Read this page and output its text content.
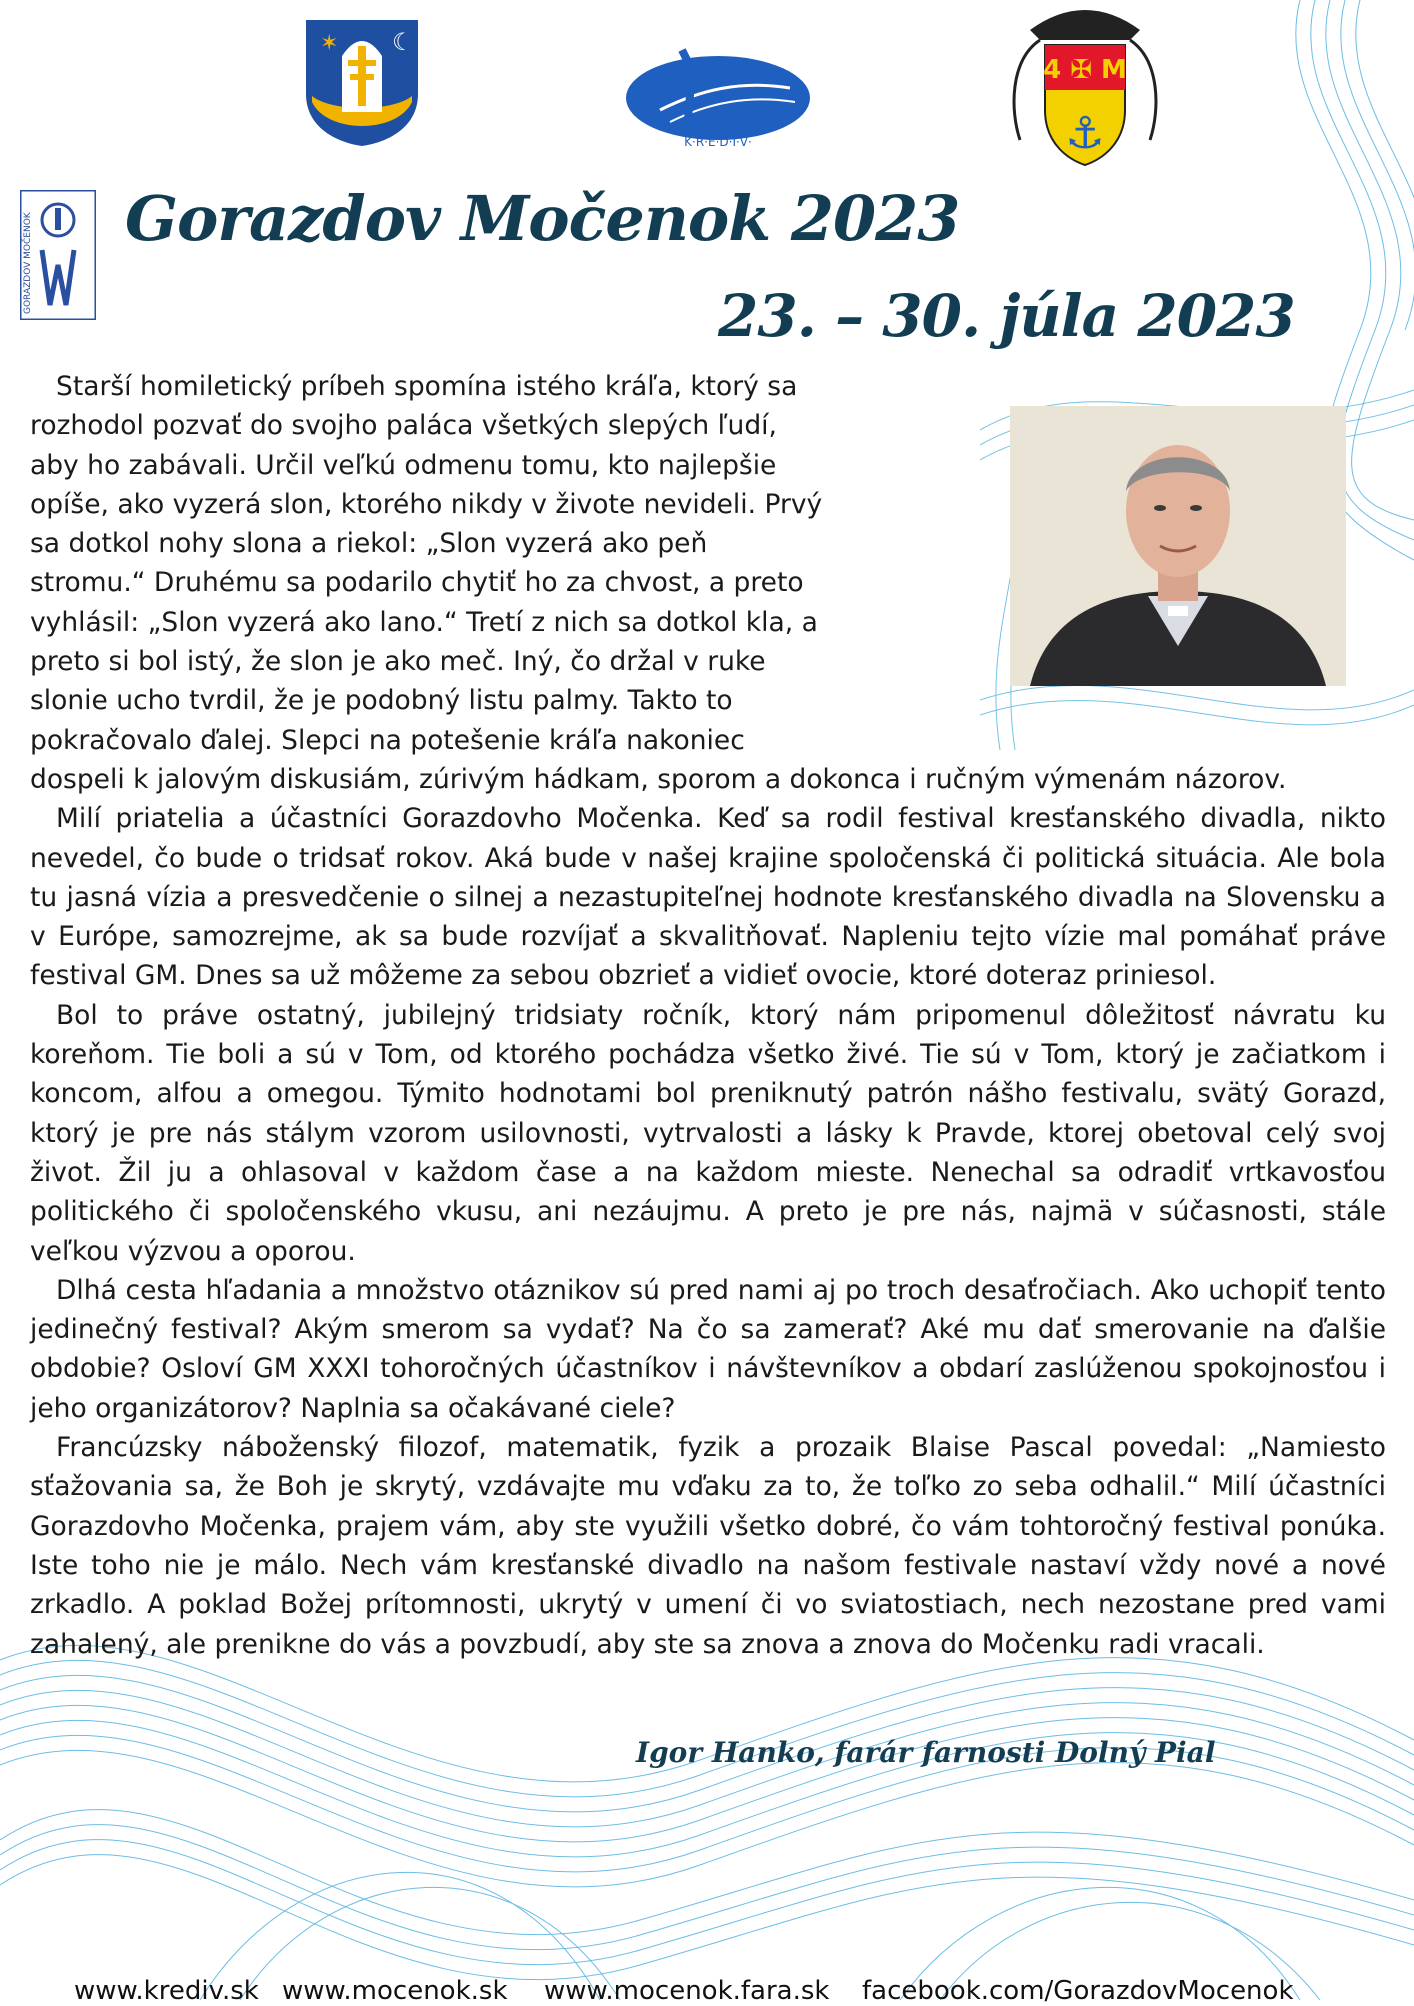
✶ ☾
K·R·E·D·I·V·
4 ✠ M
⚓
GORAZDOV MOČENOK Gorazdov Močenok 2023
23. – 30. júla 2023

Starší homiletický príbeh spomína istého kráľa, ktorý sa rozhodol pozvať do svojho paláca všetkých slepých ľudí, aby ho zabávali. Určil veľkú odmenu tomu, kto najlepšie opíše, ako vyzerá slon, ktorého nikdy v živote nevideli. Prvý sa dotkol nohy slona a riekol: „Slon vyzerá ako peň stromu.“ Druhému sa podarilo chytiť ho za chvost, a preto vyhlásil: „Slon vyzerá ako lano.“ Tretí z nich sa dotkol kla, a preto si bol istý, že slon je ako meč. Iný, čo držal v ruke slonie ucho tvrdil, že je podobný listu palmy. Takto to pokračovalo ďalej. Slepci na potešenie kráľa nakoniec dospeli k jalovým diskusiám, zúrivým hádkam, sporom a dokonca i ručným výmenám názorov.

Milí priatelia a účastníci Gorazdovho Močenka. Keď sa rodil festival kresťanského divadla, nikto nevedel, čo bude o tridsať rokov. Aká bude v našej krajine spoločenská či politická situácia. Ale bola tu jasná vízia a presvedčenie o silnej a nezastupiteľnej hodnote kresťanského divadla na Slovensku a v Európe, samozrejme, ak sa bude rozvíjať a skvalitňovať. Napleniu tejto vízie mal pomáhať práve festival GM. Dnes sa už môžeme za sebou obzrieť a vidieť ovocie, ktoré doteraz priniesol.

Bol to práve ostatný, jubilejný tridsiaty ročník, ktorý nám pripomenul dôležitosť návratu ku koreňom. Tie boli a sú v Tom, od ktorého pochádza všetko živé. Tie sú v Tom, ktorý je začiatkom i koncom, alfou a omegou. Týmito hodnotami bol preniknutý patrón nášho festivalu, svätý Gorazd, ktorý je pre nás stálym vzorom usilovnosti, vytrvalosti a lásky k Pravde, ktorej obetoval celý svoj život. Žil ju a ohlasoval v každom čase a na každom mieste. Nenechal sa odradiť vrtkavosťou politického či spoločenského vkusu, ani nezáujmu. A preto je pre nás, najmä v súčasnosti, stále veľkou výzvou a oporou.

Dlhá cesta hľadania a množstvo otáznikov sú pred nami aj po troch desaťročiach. Ako uchopiť tento jedinečný festival? Akým smerom sa vydať? Na čo sa zamerať? Aké mu dať smerovanie na ďalšie obdobie? Osloví GM XXXI tohoročných účastníkov i návštevníkov a obdarí zaslúženou spokojnosťou i jeho organizátorov? Naplnia sa očakávané ciele?

Francúzsky náboženský filozof, matematik, fyzik a prozaik Blaise Pascal povedal: „Namiesto sťažovania sa, že Boh je skrytý, vzdávajte mu vďaku za to, že toľko zo seba odhalil.“ Milí účastníci Gorazdovho Močenka, prajem vám, aby ste využili všetko dobré, čo vám tohtoročný festival ponúka. Iste toho nie je málo. Nech vám kresťanské divadlo na našom festivale nastaví vždy nové a nové zrkadlo. A poklad Božej prítomnosti, ukrytý v umení či vo sviatostiach, nech nezostane pred vami zahalený, ale prenikne do vás a povzbudí, aby ste sa znova a znova do Močenku radi vracali.

Igor Hanko, farár farnosti Dolný Pial
www.krediv.sk www.mocenok.sk www.mocenok.fara.sk facebook.com/GorazdovMocenok
